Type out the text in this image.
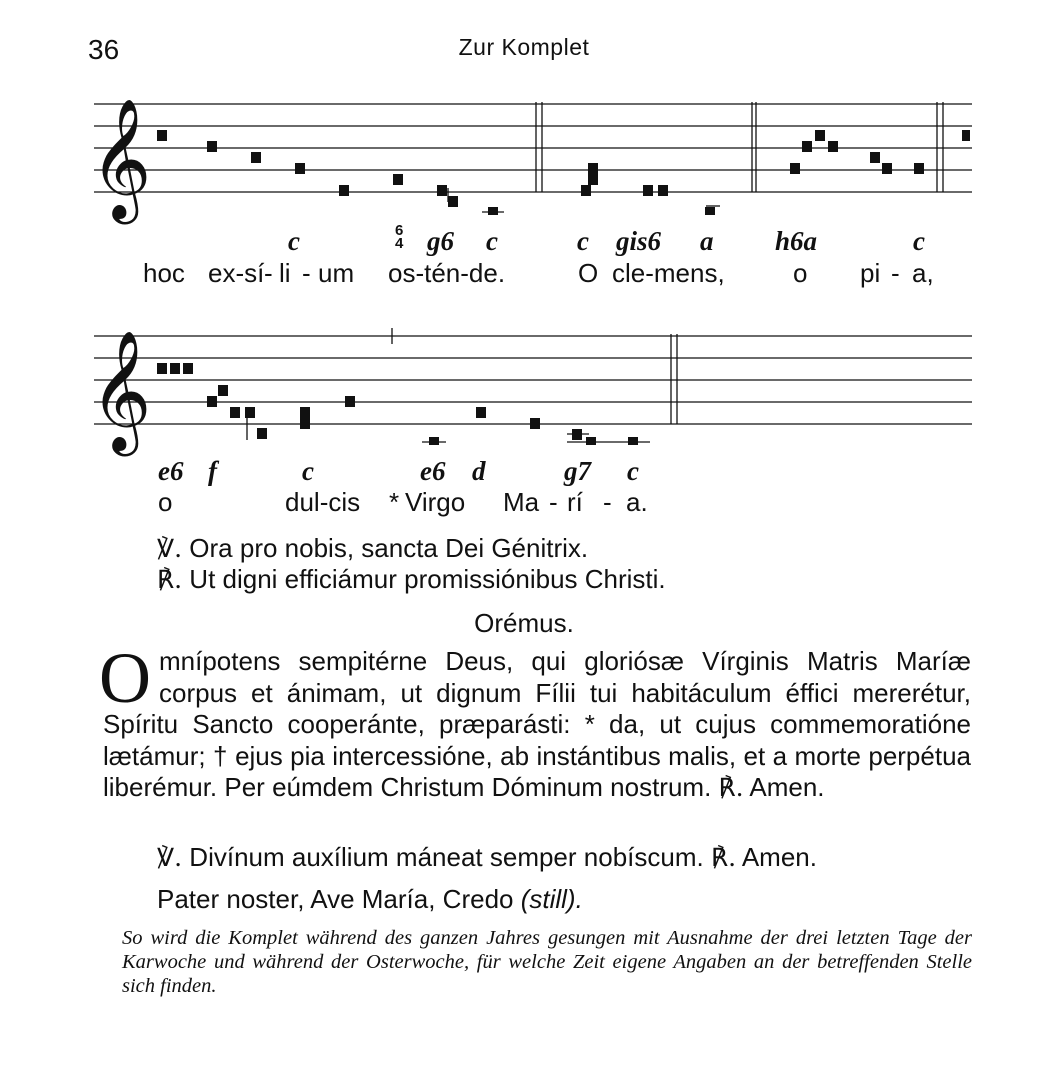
36	Zur Komplet
𝄞
c	6
4 g6 c	c gis6 a h6a	c
hoc ex-sí - li - um os-tén-de.	O cle-mens,	o pi - a,
𝄞
e6 f	c	e6 d	g7 c
o	dul-cis * Virgo Ma - rí - a.
℣. Ora pro nobis, sancta Dei Génitrix.
℟. Ut digni efficiámur promissiónibus Christi.
Orémus.
Omnípotens sempitérne Deus, qui gloriósæ Vírginis Matris Maríæ corpus et ánimam, ut dignum Fílii tui habitáculum éffici mererétur, Spíritu Sancto cooperánte, præparásti: * da, ut cujus commemoratióne lætámur; † ejus pia intercessióne, ab instántibus malis, et a morte perpétua liberémur. Per eúmdem Christum Dóminum nostrum. ℟. Amen.
℣. Divínum auxílium máneat semper nobíscum. ℟. Amen.
Pater noster, Ave María, Credo (still).
So wird die Komplet während des ganzen Jahres gesungen mit Ausnahme der drei letzten Tage der Karwoche und während der Osterwoche, für welche Zeit eigene Angaben an der betreffenden Stelle sich finden.
